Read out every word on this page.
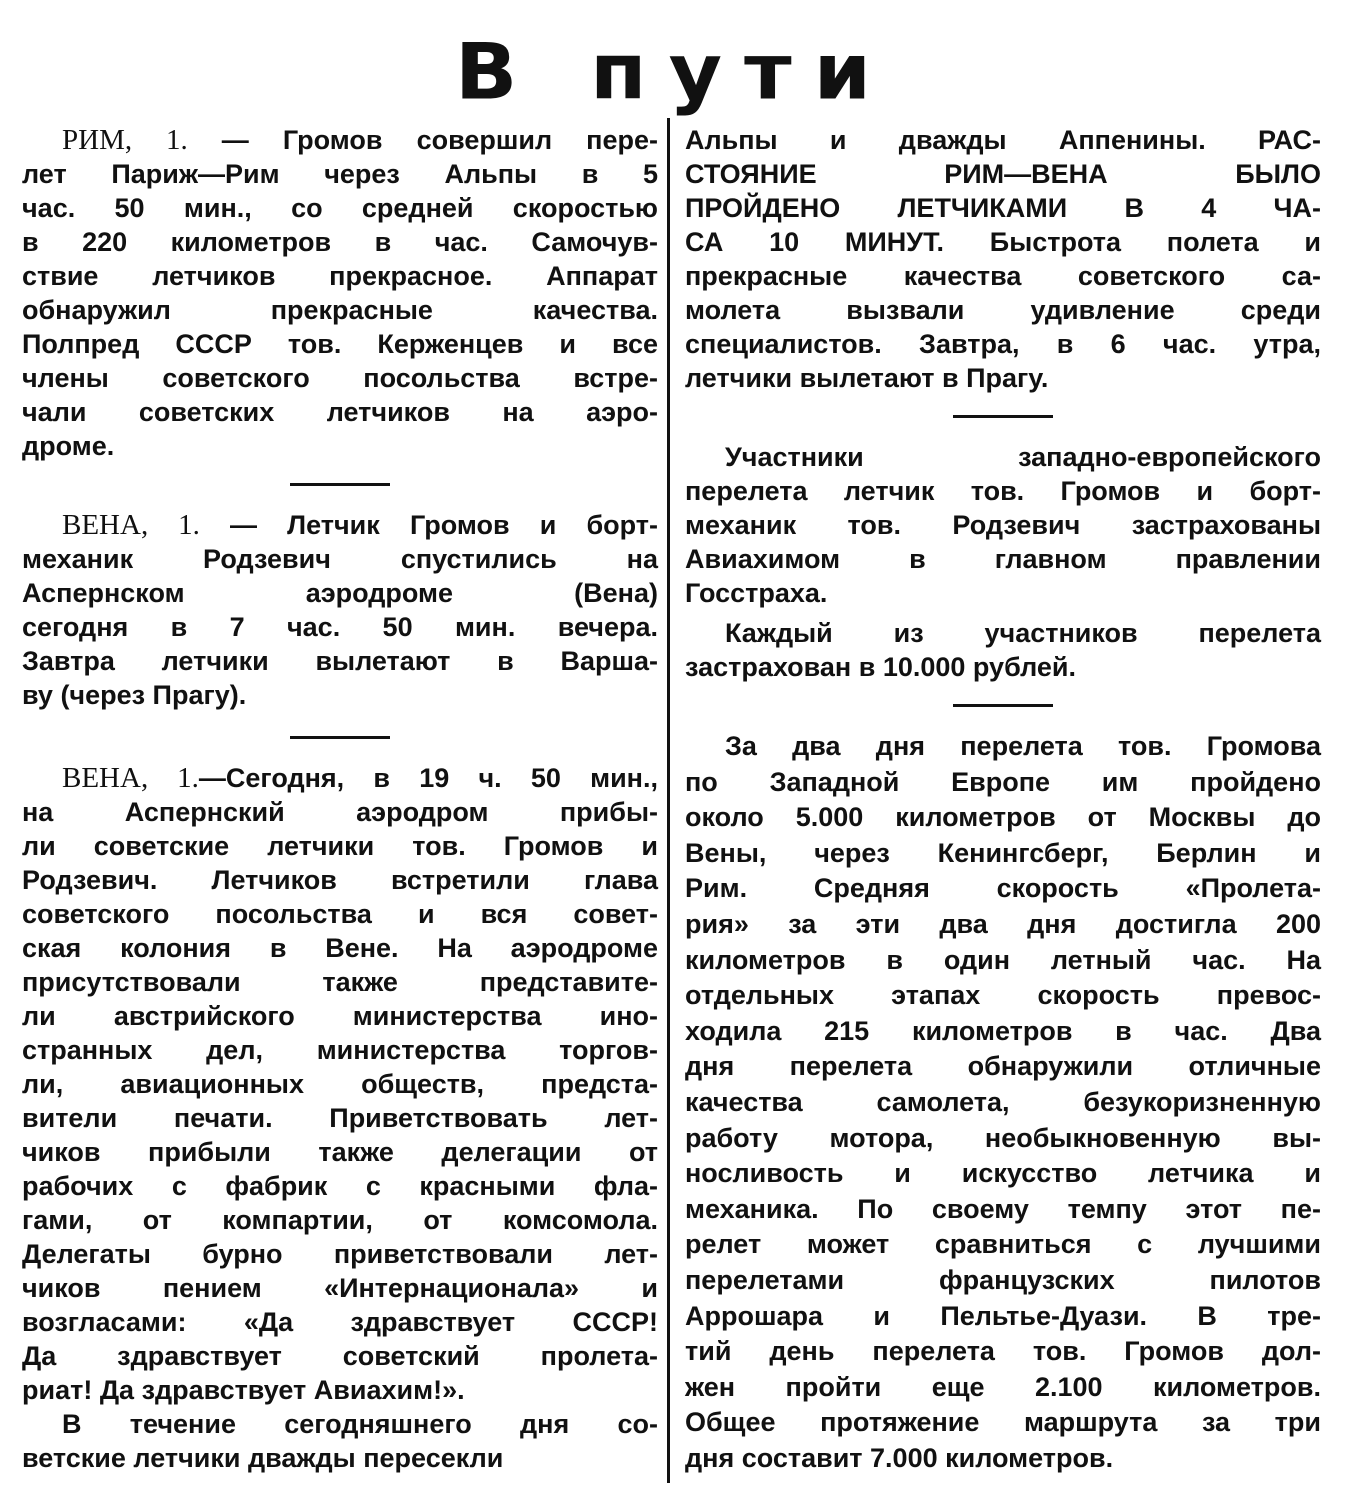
В пути
РИМ, 1. — Громов совершил пере-
лет Париж—Рим через Альпы в 5
час. 50 мин., со средней скоростью
в 220 километров в час. Самочув-
ствие летчиков прекрасное. Аппарат
обнаружил прекрасные качества.
Полпред СССР тов. Керженцев и все
члены советского посольства встре-
чали советских летчиков на аэро-
дроме.
ВЕНА, 1. — Летчик Громов и борт-
механик Родзевич спустились на
Аспернском аэродроме (Вена)
сегодня в 7 час. 50 мин. вечера.
Завтра летчики вылетают в Варша-
ву (через Прагу).
ВЕНА, 1.—Сегодня, в 19 ч. 50 мин.,
на Аспернский аэродром прибы-
ли советские летчики тов. Громов и
Родзевич. Летчиков встретили глава
советского посольства и вся совет-
ская колония в Вене. На аэродроме
присутствовали также представите-
ли австрийского министерства ино-
странных дел, министерства торгов-
ли, авиационных обществ, предста-
вители печати. Приветствовать лет-
чиков прибыли также делегации от
рабочих с фабрик с красными фла-
гами, от компартии, от комсомола.
Делегаты бурно приветствовали лет-
чиков пением «Интернационала» и
возгласами: «Да здравствует СССР!
Да здравствует советский пролета-
риат! Да здравствует Авиахим!».
В течение сегодняшнего дня со-
ветские летчики дважды пересекли
Альпы и дважды Аппенины. РАС-
СТОЯНИЕ РИМ—ВЕНА БЫЛО
ПРОЙДЕНО ЛЕТЧИКАМИ В 4 ЧА-
СА 10 МИНУТ. Быстрота полета и
прекрасные качества советского са-
молета вызвали удивление среди
специалистов. Завтра, в 6 час. утра,
летчики вылетают в Прагу.
Участники западно-европейского
перелета летчик тов. Громов и борт-
механик тов. Родзевич застрахованы
Авиахимом в главном правлении
Госстраха.
Каждый из участников перелета
застрахован в 10.000 рублей.
За два дня перелета тов. Громова
по Западной Европе им пройдено
около 5.000 километров от Москвы до
Вены, через Кенингсберг, Берлин и
Рим. Средняя скорость «Пролета-
рия» за эти два дня достигла 200
километров в один летный час. На
отдельных этапах скорость превос-
ходила 215 километров в час. Два
дня перелета обнаружили отличные
качества самолета, безукоризненную
работу мотора, необыкновенную вы-
носливость и искусство летчика и
механика. По своему темпу этот пе-
релет может сравниться с лучшими
перелетами французских пилотов
Аррошара и Пельтье-Дуази. В тре-
тий день перелета тов. Громов дол-
жен пройти еще 2.100 километров.
Общее протяжение маршрута за три
дня составит 7.000 километров.
